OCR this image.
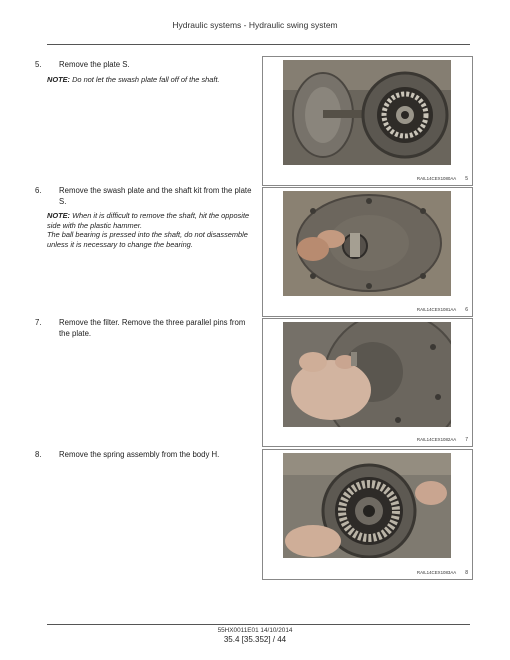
Hydraulic systems - Hydraulic swing system
5. Remove the plate S.
NOTE: Do not let the swash plate fall off of the shaft.
6. Remove the swash plate and the shaft kit from the plate S.
NOTE: When it is difficult to remove the shaft, hit the opposite side with the plastic hammer.
The ball bearing is pressed into the shaft, do not disassemble unless it is necessary to change the bearing.
7. Remove the filter. Remove the three parallel pins from the plate.
8. Remove the spring assembly from the body H.
RAIL14CEX1080AA 5
RAIL14CEX1081AA 6
RAIL14CEX1082AA 7
RAIL14CEX1083AA 8
55HX0011E01 14/10/2014
35.4 [35.352] / 44
